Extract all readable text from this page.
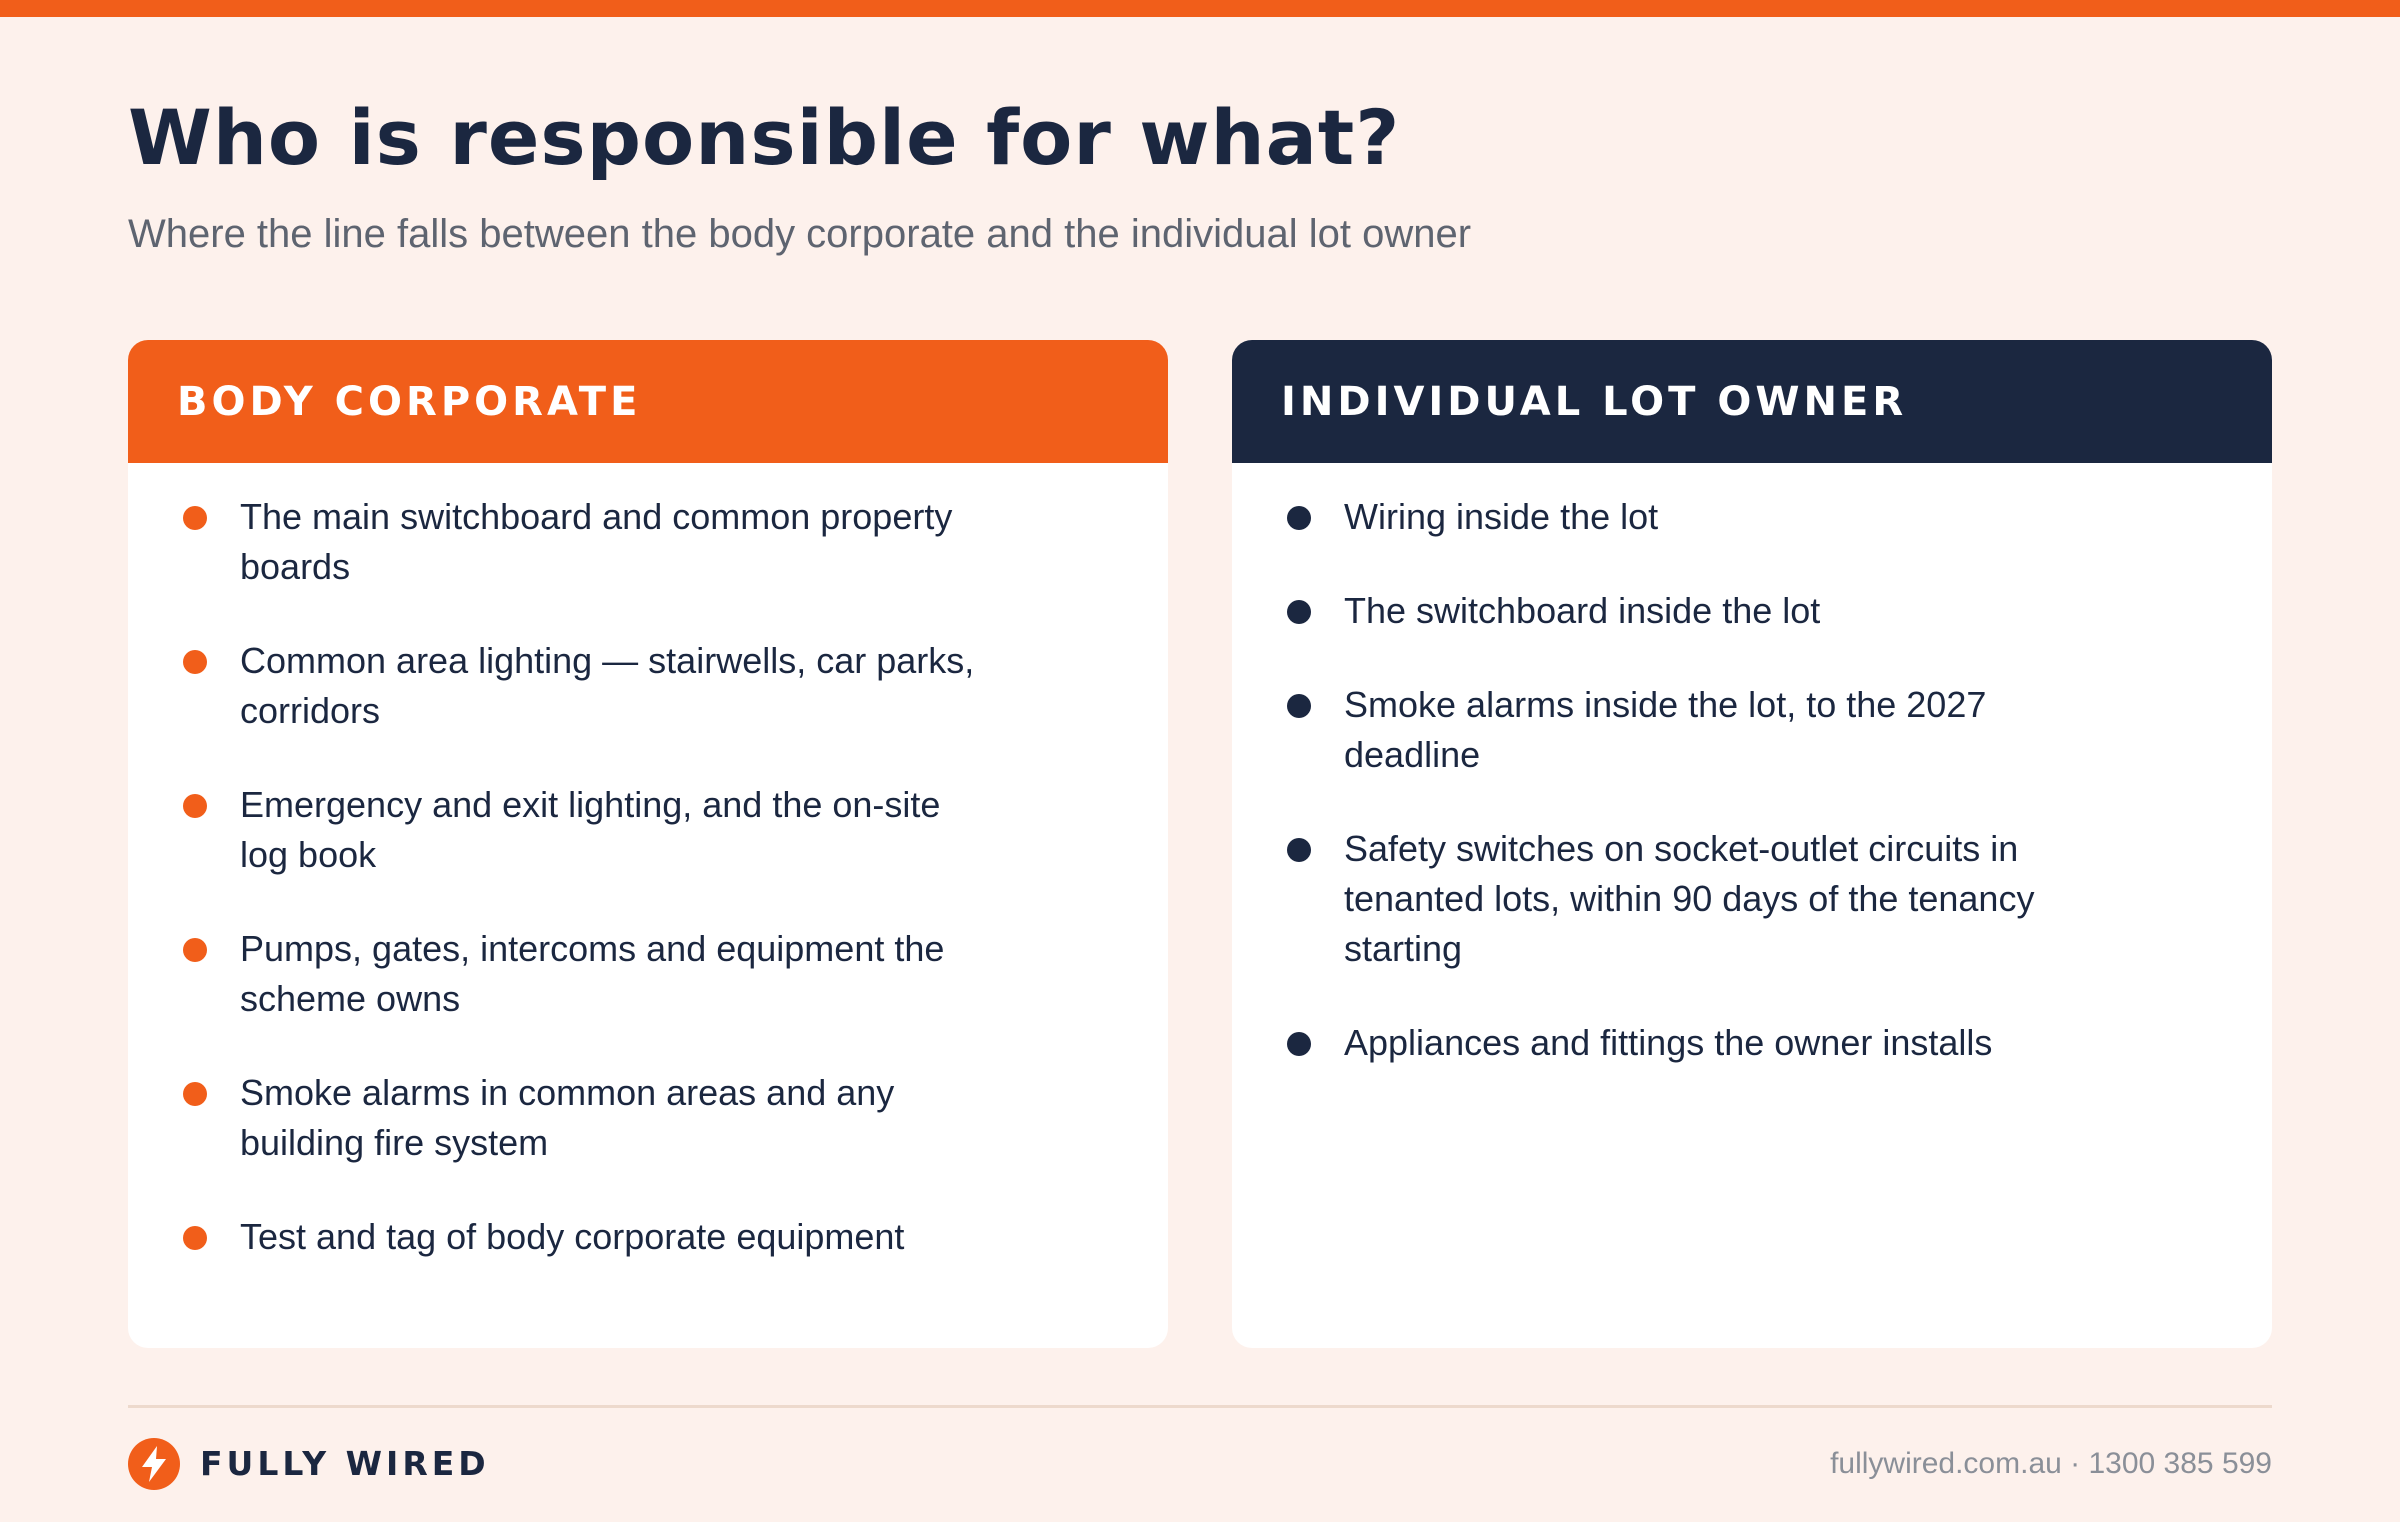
Who is responsible for what?

Where the line falls between the body corporate and the individual lot owner

BODY CORPORATE
The main switchboard and common property boards
Common area lighting — stairwells, car parks, corridors
Emergency and exit lighting, and the on-site log book
Pumps, gates, intercoms and equipment the scheme owns
Smoke alarms in common areas and any building fire system
Test and tag of body corporate equipment
INDIVIDUAL LOT OWNER
Wiring inside the lot
The switchboard inside the lot
Smoke alarms inside the lot, to the 2027 deadline
Safety switches on socket-outlet circuits in tenanted lots, within 90 days of the tenancy starting
Appliances and fittings the owner installs
FULLY WIRED	fullywired.com.au · 1300 385 599
